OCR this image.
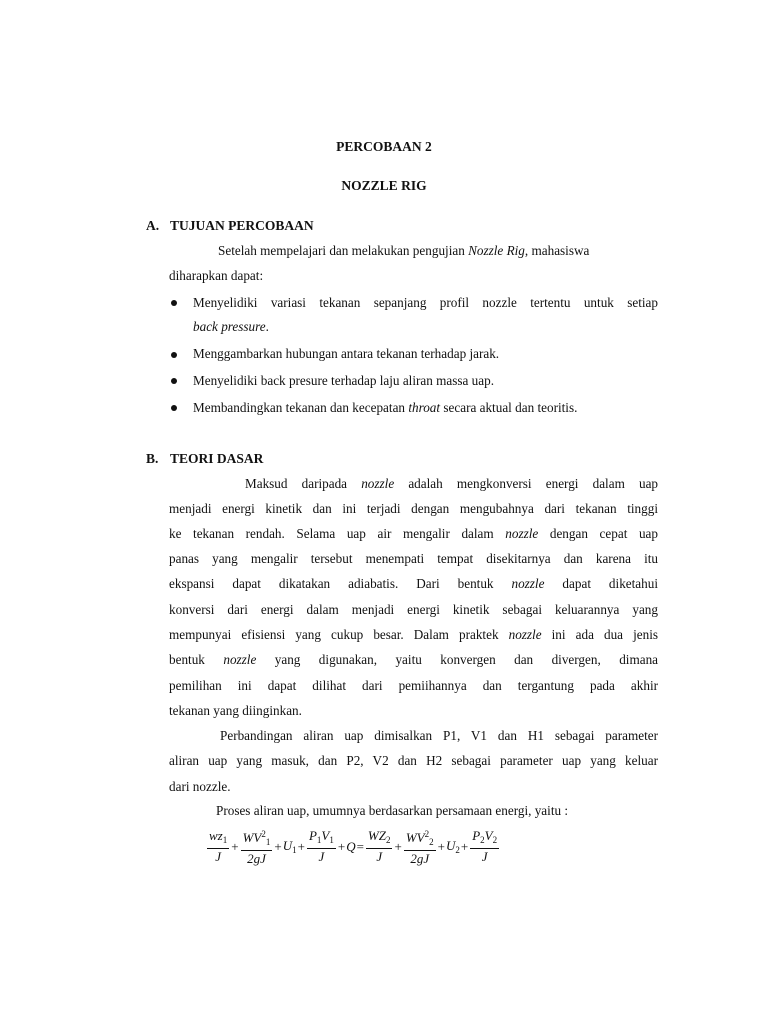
PERCOBAAN 2
NOZZLE RIG
A. TUJUAN PERCOBAAN
Setelah mempelajari dan melakukan pengujian Nozzle Rig, mahasiswa
diharapkan dapat:
Menyelidiki variasi tekanan sepanjang profil nozzle tertentu untuk setiap
back pressure.
Menggambarkan hubungan antara tekanan terhadap jarak.
Menyelidiki back presure terhadap laju aliran massa uap.
Membandingkan tekanan dan kecepatan throat secara aktual dan teoritis.
B. TEORI DASAR
Maksud daripada nozzle adalah mengkonversi energi dalam uap
menjadi energi kinetik dan ini terjadi dengan mengubahnya dari tekanan tinggi
ke tekanan rendah. Selama uap air mengalir dalam nozzle dengan cepat uap
panas yang mengalir tersebut menempati tempat disekitarnya dan karena itu
ekspansi dapat dikatakan adiabatis. Dari bentuk nozzle dapat diketahui
konversi dari energi dalam menjadi energi kinetik sebagai keluarannya yang
mempunyai efisiensi yang cukup besar. Dalam praktek nozzle ini ada dua jenis
bentuk nozzle yang digunakan, yaitu konvergen dan divergen, dimana
pemilihan ini dapat dilihat dari pemiihannya dan tergantung pada akhir
tekanan yang diinginkan.
Perbandingan aliran uap dimisalkan P1, V1 dan H1 sebagai parameter
aliran uap yang masuk, dan P2, V2 dan H2 sebagai parameter uap yang keluar
dari nozzle.
Proses aliran uap, umumnya berdasarkan persamaan energi, yaitu :
$\frac{wz_1}{J} + \frac{WV^2_1}{2gJ} +U_1+ \frac{P_1V_1}{J} +Q= \frac{WZ_2}{J} + \frac{WV^2_2}{2gJ} +U_2+ \frac{P_2V_2}{J}$
